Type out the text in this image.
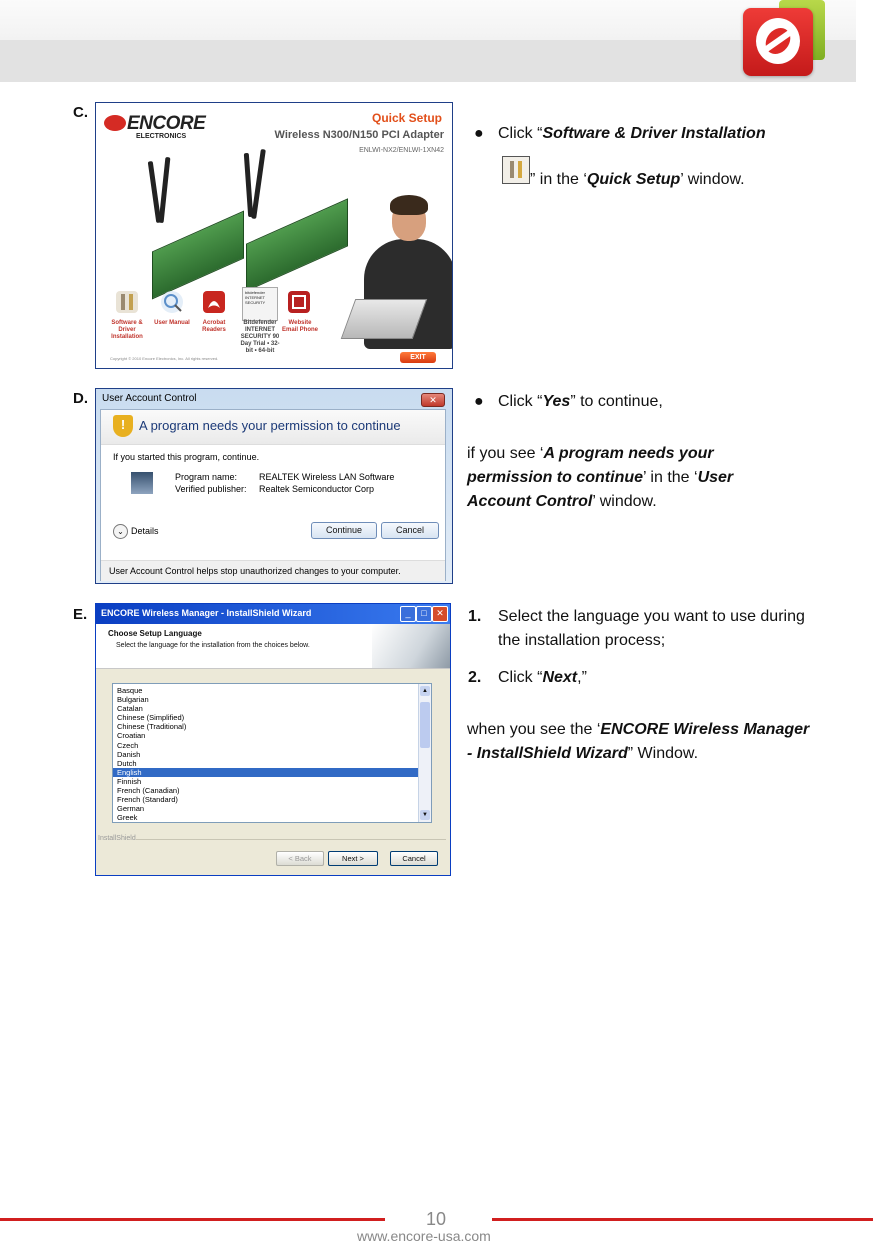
C.
ENCORE
ELECTRONICS
Quick Setup
Wireless N300/N150 PCI Adapter
ENLWI-NX2/ENLWI-1XN42
bitdefender
INTERNET
SECURITY
Software & Driver Installation
User Manual	Acrobat Readers
Bitdefender INTERNET SECURITY 90 Day Trial • 32-bit • 64-bit
Website Email Phone
Copyright © 2010 Encore Electronics, Inc. All rights reserved.	EXIT
● Click “Software & Driver Installation
” in the ‘Quick Setup’ window.
D. User Account Control	✕
!	A program needs your permission to continue
If you started this program, continue.
Program name: REALTEK Wireless LAN Software
Verified publisher: Realtek Semiconductor Corp
⌄ Details	Continue	Cancel
User Account Control helps stop unauthorized changes to your computer.
● Click “Yes” to continue,
if you see ‘A program needs your permission to continue’ in the ‘User Account Control’ window.
E. ENCORE Wireless Manager - InstallShield Wizard	_	□	✕
Choose Setup Language
Select the language for the installation from the choices below.
Basque
Bulgarian
Catalan
Chinese (Simplified)
Chinese (Traditional)
Croatian
Czech
Danish
Dutch
English
Finnish
French (Canadian)
French (Standard)
German
Greek
▲
▼
InstallShield
< Back	Next >	Cancel
1. Select the language you want to use during the installation process;
2. Click “Next,”
when you see the ‘ENCORE Wireless Manager - InstallShield Wizard” Window.
10
www.encore-usa.com
